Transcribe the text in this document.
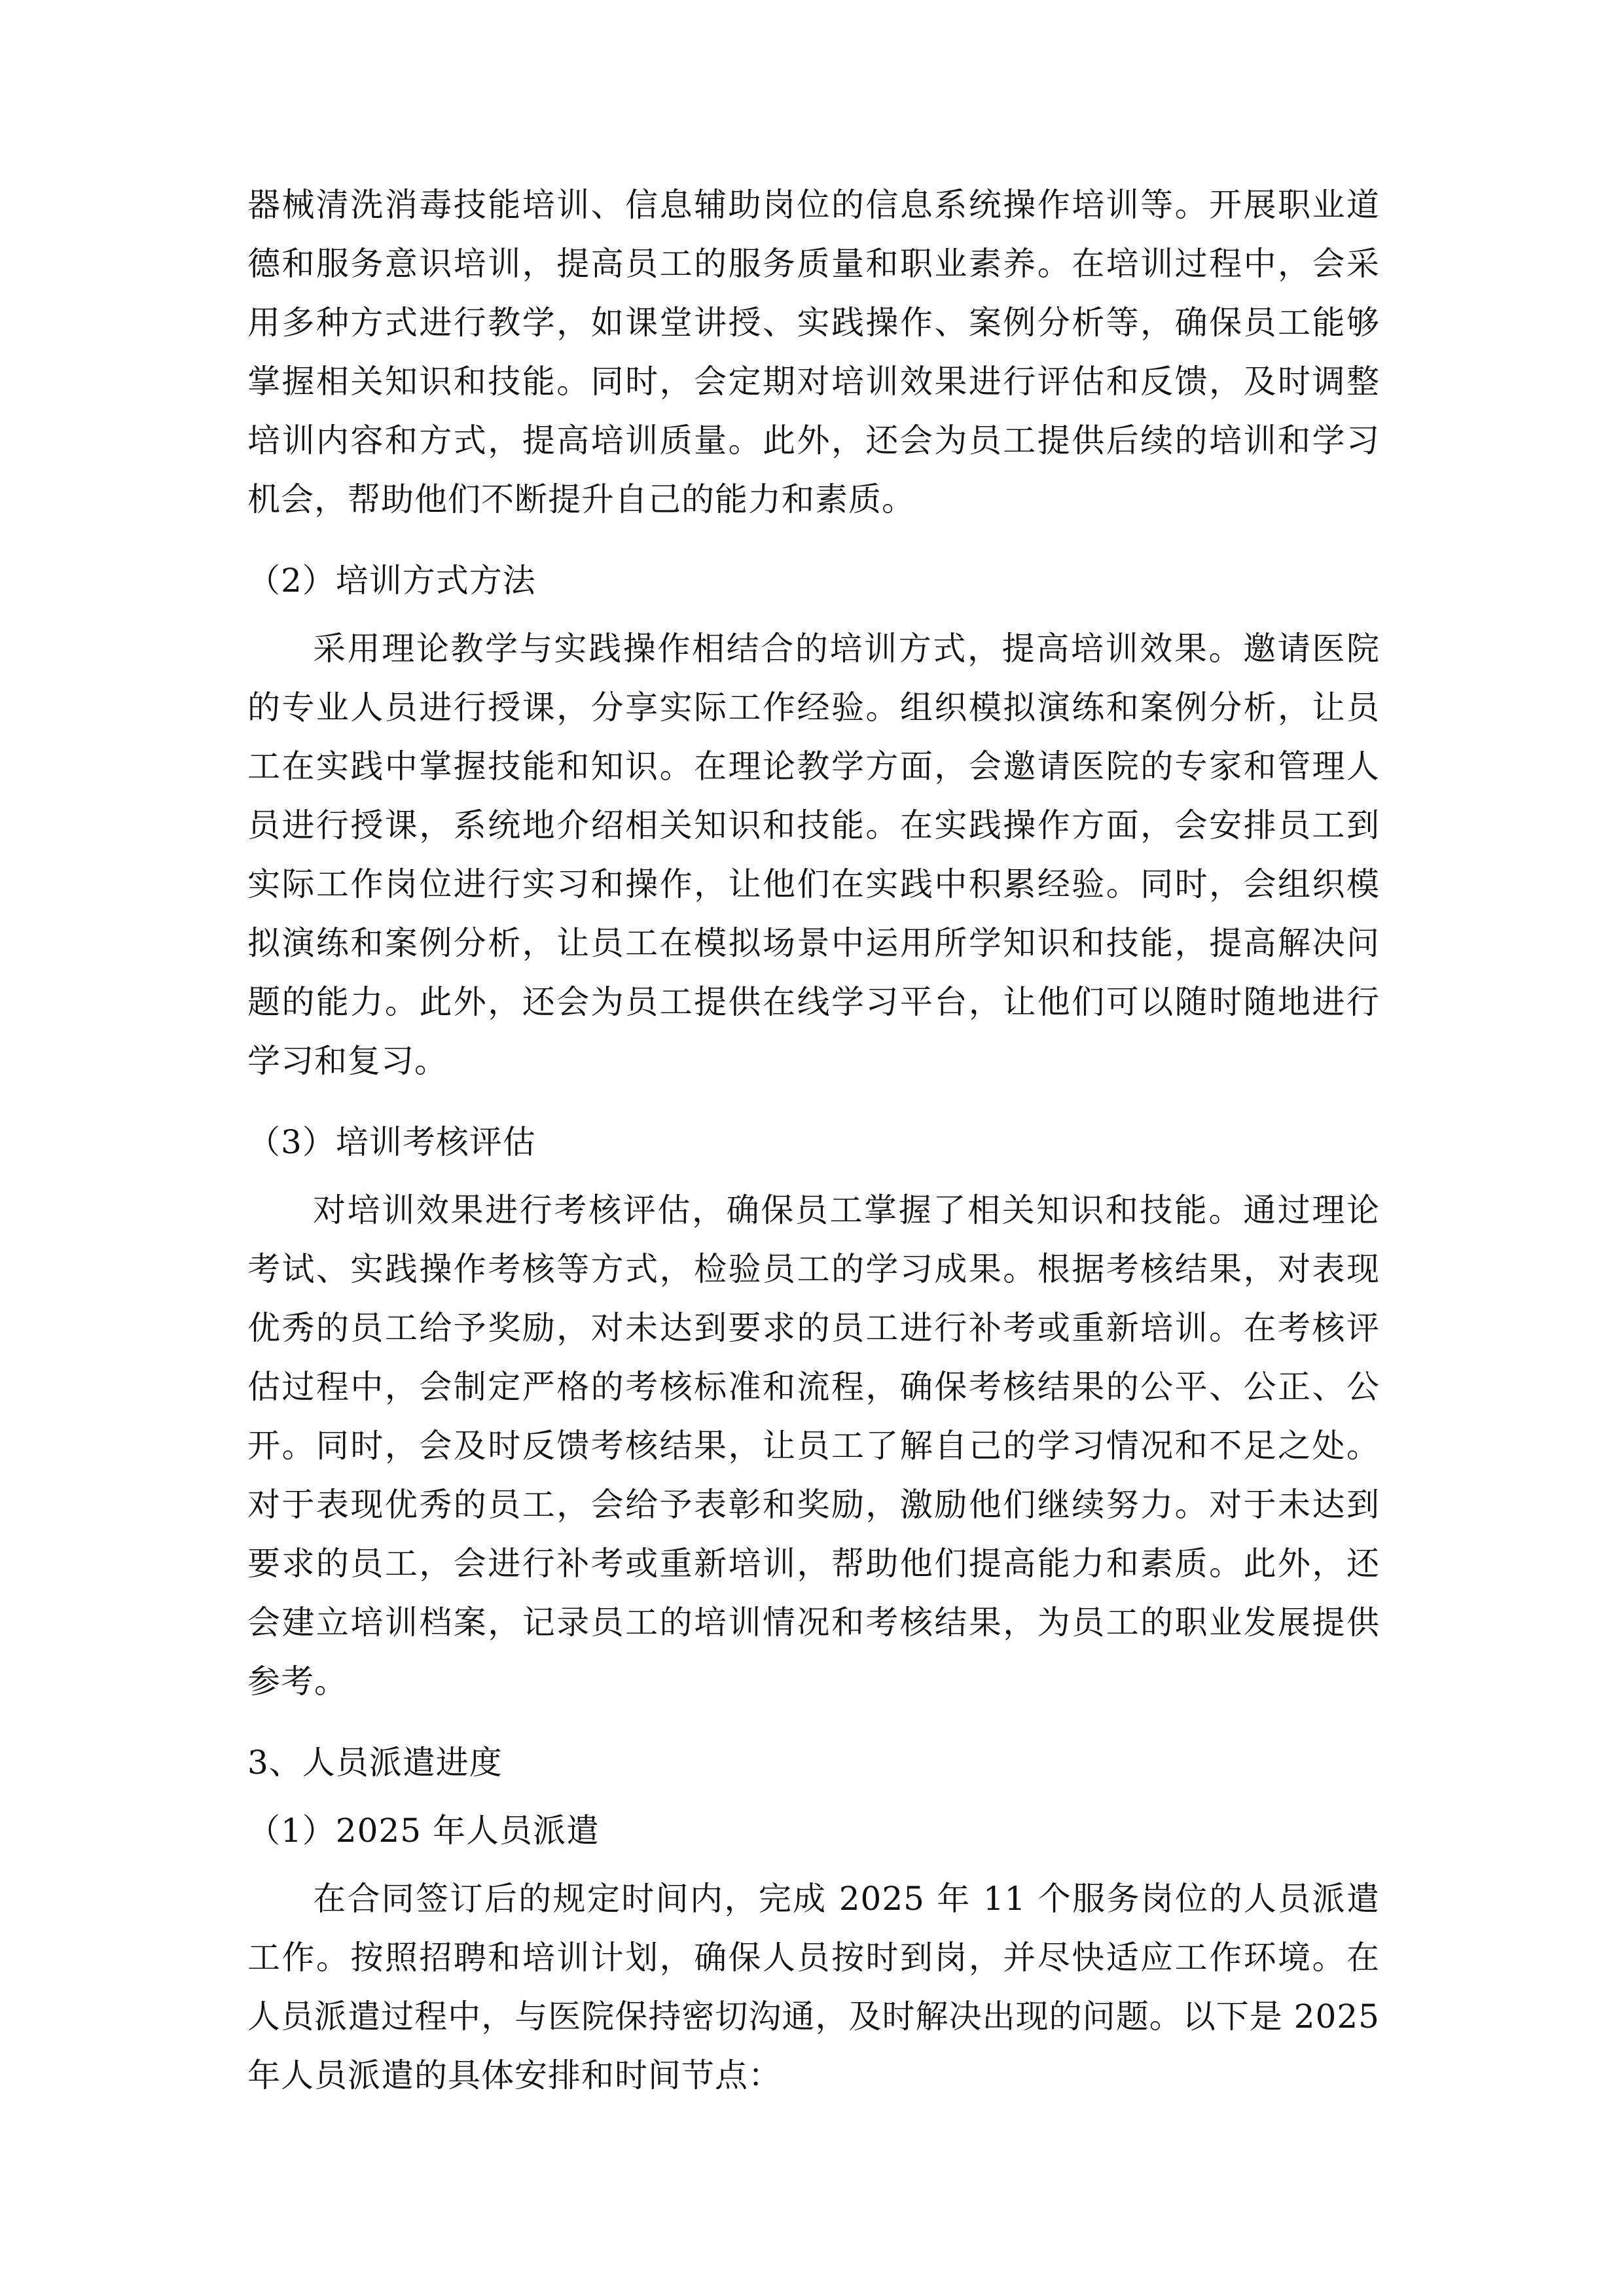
器械清洗消毒技能培训、信息辅助岗位的信息系统操作培训等。开展职业道德和服务意识培训，提高员工的服务质量和职业素养。在培训过程中，会采用多种方式进行教学，如课堂讲授、实践操作、案例分析等，确保员工能够掌握相关知识和技能。同时，会定期对培训效果进行评估和反馈，及时调整培训内容和方式，提高培训质量。此外，还会为员工提供后续的培训和学习机会，帮助他们不断提升自己的能力和素质。

（2）培训方式方法

采用理论教学与实践操作相结合的培训方式，提高培训效果。邀请医院的专业人员进行授课，分享实际工作经验。组织模拟演练和案例分析，让员工在实践中掌握技能和知识。在理论教学方面，会邀请医院的专家和管理人员进行授课，系统地介绍相关知识和技能。在实践操作方面，会安排员工到实际工作岗位进行实习和操作，让他们在实践中积累经验。同时，会组织模拟演练和案例分析，让员工在模拟场景中运用所学知识和技能，提高解决问题的能力。此外，还会为员工提供在线学习平台，让他们可以随时随地进行学习和复习。

（3）培训考核评估

对培训效果进行考核评估，确保员工掌握了相关知识和技能。通过理论考试、实践操作考核等方式，检验员工的学习成果。根据考核结果，对表现优秀的员工给予奖励，对未达到要求的员工进行补考或重新培训。在考核评估过程中，会制定严格的考核标准和流程，确保考核结果的公平、公正、公开。同时，会及时反馈考核结果，让员工了解自己的学习情况和不足之处。对于表现优秀的员工，会给予表彰和奖励，激励他们继续努力。对于未达到要求的员工，会进行补考或重新培训，帮助他们提高能力和素质。此外，还会建立培训档案，记录员工的培训情况和考核结果，为员工的职业发展提供参考。

3、人员派遣进度

（1）2025 年人员派遣

在合同签订后的规定时间内，完成 2025 年 11 个服务岗位的人员派遣工作。按照招聘和培训计划，确保人员按时到岗，并尽快适应工作环境。在人员派遣过程中，与医院保持密切沟通，及时解决出现的问题。以下是 2025 年人员派遣的具体安排和时间节点：
